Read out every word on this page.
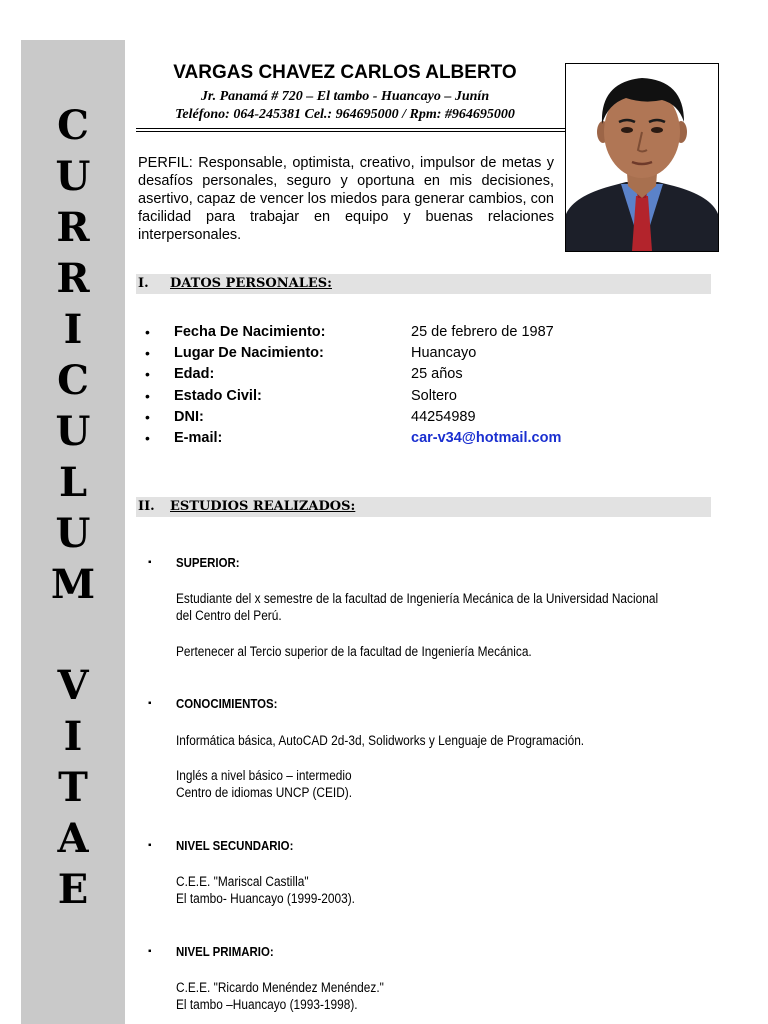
C
U
R
R
I
C
U
L
U
M
V
I
T
A
E
VARGAS CHAVEZ CARLOS ALBERTO
Jr. Panamá # 720 – El tambo - Huancayo – Junín
Teléfono: 064-245381 Cel.: 964695000 / Rpm: #964695000
PERFIL: Responsable, optimista, creativo, impulsor de metas y desafíos personales, seguro y oportuna en mis decisiones, asertivo, capaz de vencer los miedos para generar cambios, con facilidad para trabajar en equipo y buenas relaciones interpersonales.
I. DATOS PERSONALES:
• Fecha De Nacimiento:	25 de febrero de 1987
• Lugar De Nacimiento:	Huancayo
• Edad:	25 años
• Estado Civil:	Soltero
• DNI:	44254989
• E-mail:	car-v34@hotmail.com
II. ESTUDIOS REALIZADOS:
▪ SUPERIOR:
Estudiante del x semestre de la facultad de Ingeniería Mecánica de la Universidad Nacional
del Centro del Perú.
Pertenecer al Tercio superior de la facultad de Ingeniería Mecánica.
▪ CONOCIMIENTOS:
Informática básica, AutoCAD 2d-3d, Solidworks y Lenguaje de Programación.
Inglés a nivel básico – intermedio
Centro de idiomas UNCP (CEID).
▪ NIVEL SECUNDARIO:
C.E.E. "Mariscal Castilla"
El tambo- Huancayo (1999-2003).
▪ NIVEL PRIMARIO:
C.E.E. "Ricardo Menéndez Menéndez."
El tambo –Huancayo (1993-1998).
